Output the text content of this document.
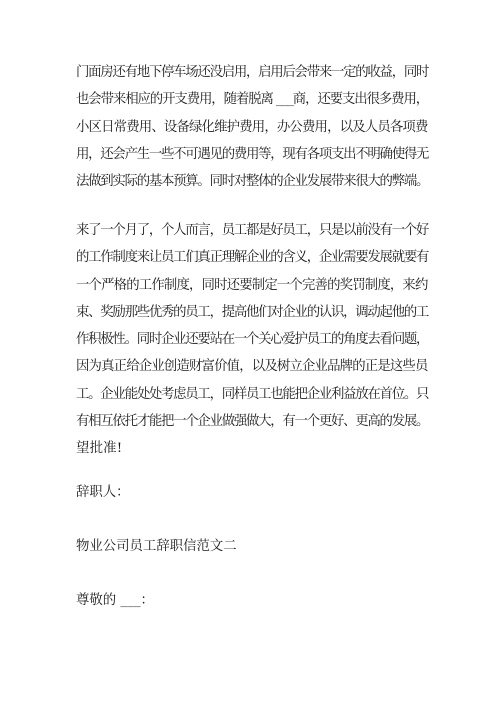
门面房还有地下停车场还没启用，启用后会带来一定的收益，同时
也会带来相应的开支费用，随着脱离 ___商，还要支出很多费用，
小区日常费用、设备绿化维护费用，办公费用，以及人员各项费
用，还会产生一些不可遇见的费用等，现有各项支出不明确使得无
法做到实际的基本预算。同时对整体的企业发展带来很大的弊端。
来了一个月了，个人而言，员工都是好员工，只是以前没有一个好
的工作制度来让员工们真正理解企业的含义，企业需要发展就要有
一个严格的工作制度，同时还要制定一个完善的奖罚制度，来约
束、奖励那些优秀的员工，提高他们对企业的认识，调动起他的工
作积极性。同时企业还要站在一个关心爱护员工的角度去看问题，
因为真正给企业创造财富价值，以及树立企业品牌的正是这些员
工。企业能处处考虑员工，同样员工也能把企业利益放在首位。只
有相互依托才能把一个企业做强做大，有一个更好、更高的发展。
望批准!

辞职人：

物业公司员工辞职信范文二

尊敬的 ___：
